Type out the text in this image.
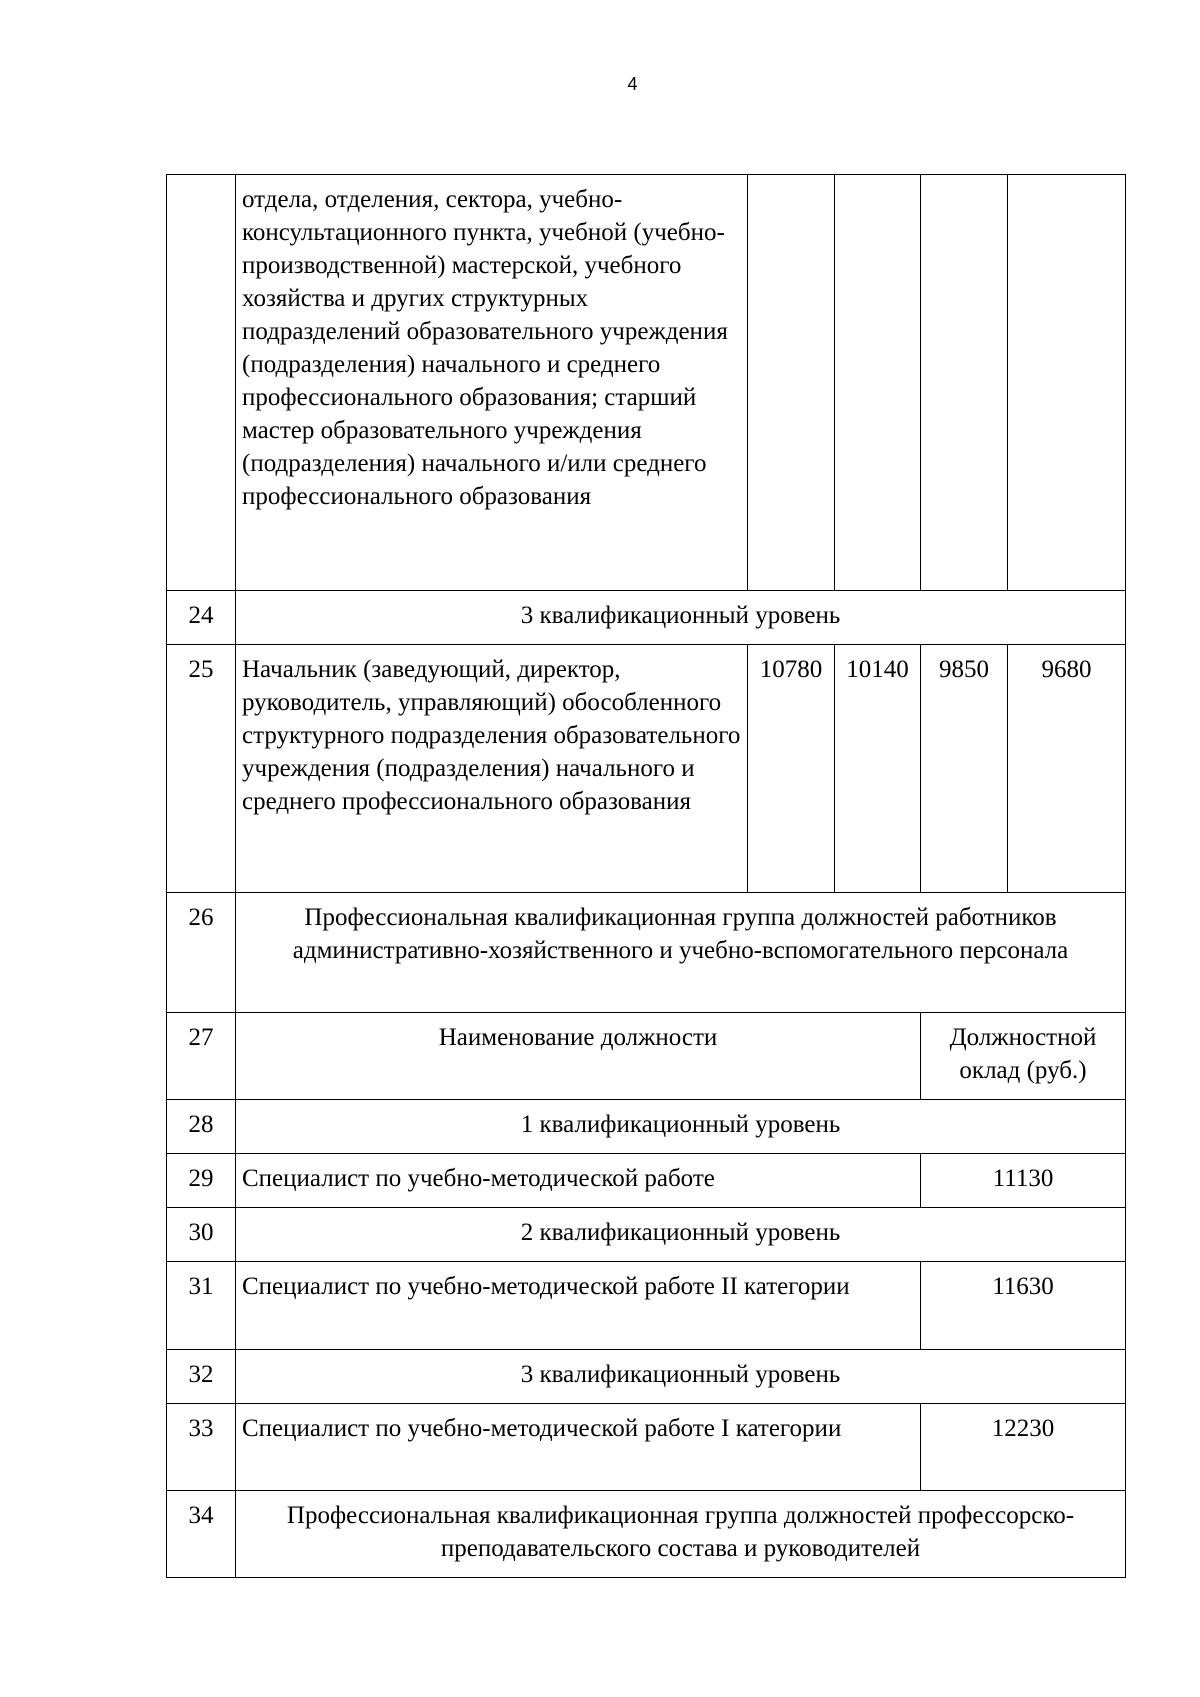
4
	отдела, отделения, сектора, учебно-консультационного пункта, учебной (учебно-производственной) мастерской, учебного хозяйства и других структурных подразделений образовательного учреждения (подразделения) начального и среднего профессионального образования; старший мастер образовательного учреждения (подразделения) начального и/или среднего профессионального образования				
24	3 квалификационный уровень				
25	Начальник (заведующий, директор, руководитель, управляющий) обособленного структурного подразделения образовательного учреждения (подразделения) начального и среднего профессионального образования	10780	10140	9850	9680
26	Профессиональная квалификационная группа должностей работников административно-хозяйственного и учебно-вспомогательного персонала				
27	Наименование должности			Должностной оклад (руб.)	
28	1 квалификационный уровень				
29	Специалист по учебно-методической работе			11130	
30	2 квалификационный уровень				
31	Специалист по учебно-методической работе II категории			11630	
32	3 квалификационный уровень				
33	Специалист по учебно-методической работе I категории			12230	
34	Профессиональная квалификационная группа должностей профессорско-преподавательского состава и руководителей				
